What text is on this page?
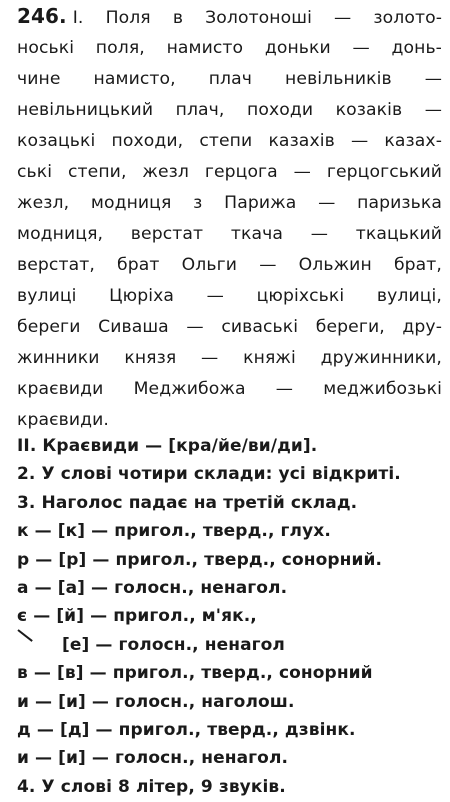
246. І. Поля в Золотоноші — золото-
ноські поля, намисто доньки — донь-
чине намисто, плач невільників —
невільницький плач, походи козаків —
козацькі походи, степи казахів — казах-
ські степи, жезл герцога — герцогський
жезл, модниця з Парижа — паризька
модниця, верстат ткача — ткацький
верстат, брат Ольги — Ольжин брат,
вулиці Цюріха — цюріхські вулиці,
береги Сиваша — сиваські береги, дру-
жинники князя — княжі дружинники,
краєвиди Меджибожа — меджибозькі
краєвиди.
ІІ. Краєвиди — [кра/йе/ви/ди].
2. У слові чотири склади: усі відкриті.
3. Наголос падає на третій склад.
к — [к] — пригол., тверд., глух.
р — [р] — пригол., тверд., сонорний.
а — [а] — голосн., ненагол.
є — [й] — пригол., м'як.,
[е] — голосн., ненагол
в — [в] — пригол., тверд., сонорний
и — [и] — голосн., наголош.
д — [д] — пригол., тверд., дзвінк.
и — [и] — голосн., ненагол.
4. У слові 8 літер, 9 звуків.
